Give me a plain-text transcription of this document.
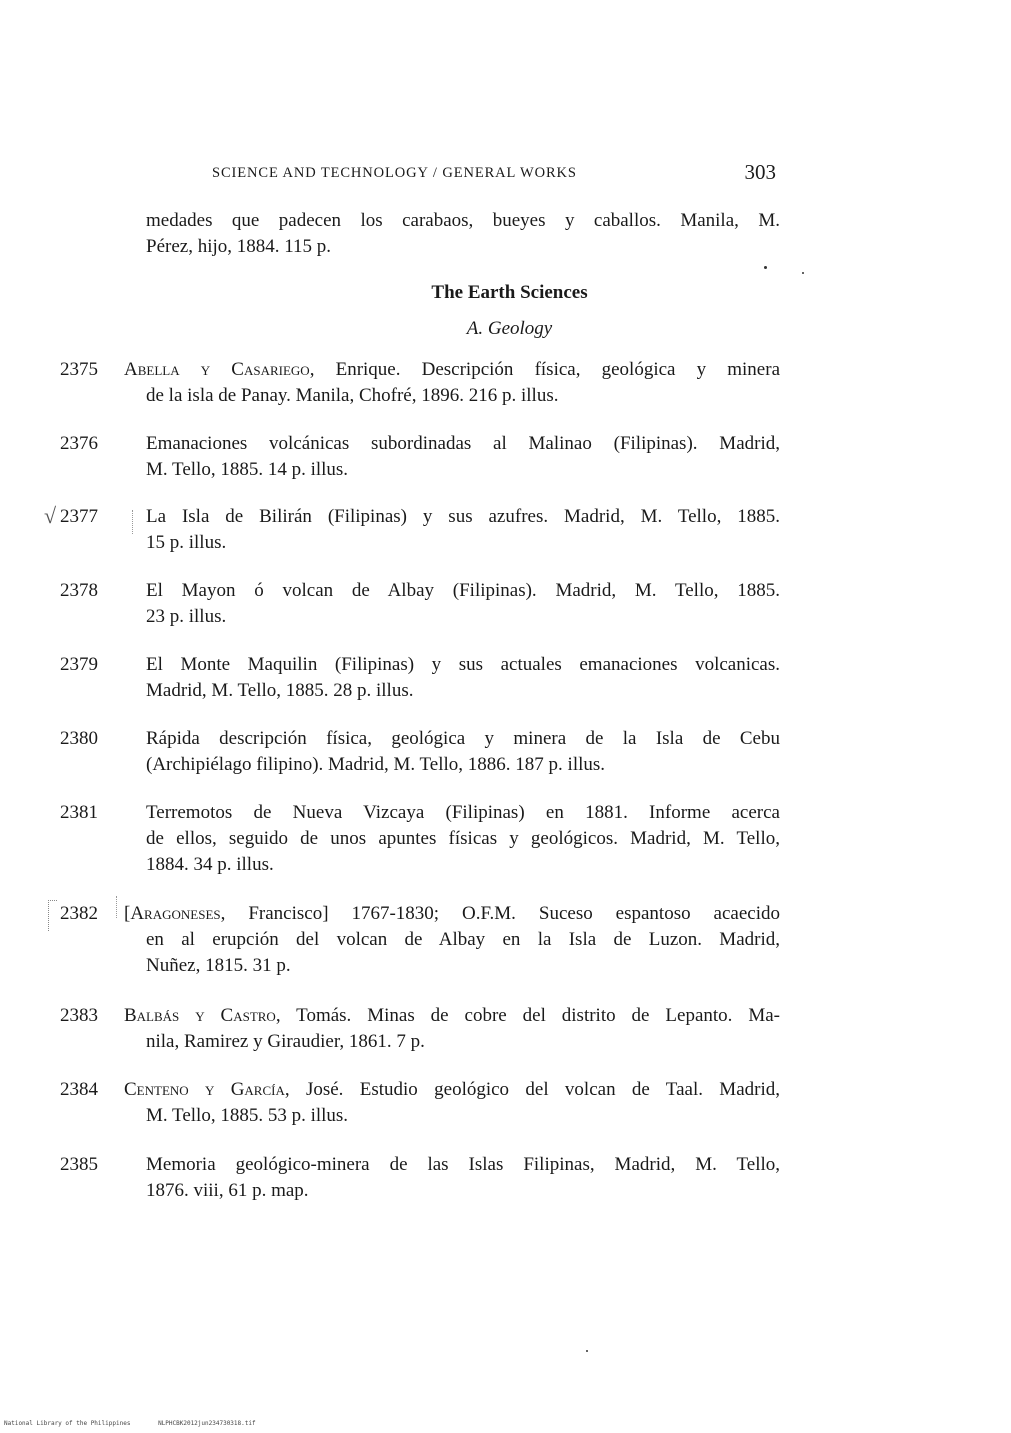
SCIENCE AND TECHNOLOGY / GENERAL WORKS	303

medades que padecen los carabaos, bueyes y caballos. Manila, M.

Pérez, hijo, 1884. 115 p.

The Earth Sciences
A. Geology
2375 Abella y Casariego, Enrique. Descripción física, geológica y minera

de la isla de Panay. Manila, Chofré, 1896. 216 p. illus.

2376	Emanaciones volcánicas subordinadas al Malinao (Filipinas). Madrid,

M. Tello, 1885. 14 p. illus.

√ 2377	La Isla de Bilirán (Filipinas) y sus azufres. Madrid, M. Tello, 1885.

15 p. illus.

2378	El Mayon ó volcan de Albay (Filipinas). Madrid, M. Tello, 1885.

23 p. illus.

2379	El Monte Maquilin (Filipinas) y sus actuales emanaciones volcanicas.

Madrid, M. Tello, 1885. 28 p. illus.

2380	Rápida descripción física, geológica y minera de la Isla de Cebu

(Archipiélago filipino). Madrid, M. Tello, 1886. 187 p. illus.

2381	Terremotos de Nueva Vizcaya (Filipinas) en 1881. Informe acerca

de ellos, seguido de unos apuntes físicas y geológicos. Madrid, M. Tello,

1884. 34 p. illus.

2382 [Aragoneses, Francisco] 1767-1830; O.F.M. Suceso espantoso acaecido

en al erupción del volcan de Albay en la Isla de Luzon. Madrid,

Nuñez, 1815. 31 p.

2383 Balbás y Castro, Tomás. Minas de cobre del distrito de Lepanto. Ma-

nila, Ramirez y Giraudier, 1861. 7 p.

2384 Centeno y García, José. Estudio geológico del volcan de Taal. Madrid,

M. Tello, 1885. 53 p. illus.

2385	Memoria geológico-minera de las Islas Filipinas, Madrid, M. Tello,

1876. viii, 61 p. map.

National Library of the Philippines	NLPHCBK2012jun234730318.tif
